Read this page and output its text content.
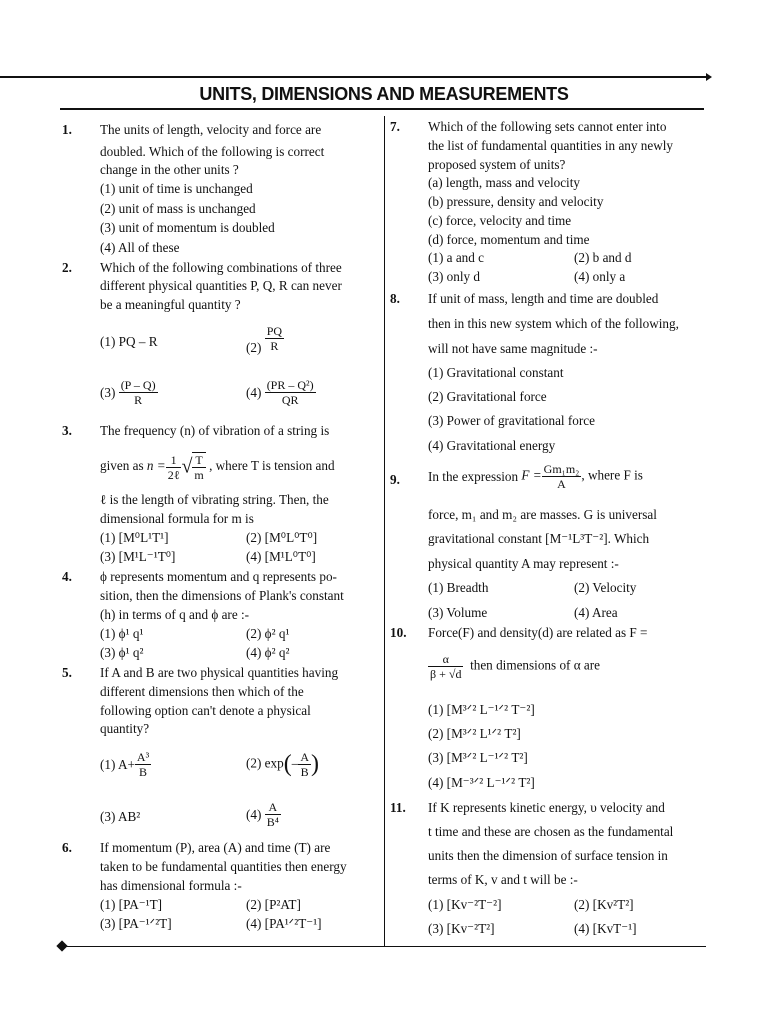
UNITS, DIMENSIONS AND MEASUREMENTS
1. The units of length, velocity and force are
doubled. Which of the following is correct
change in the other units ?
(1) unit of time is unchanged
(2) unit of mass is unchanged
(3) unit of momentum is doubled
(4) All of these
2. Which of the following combinations of three
different physical quantities P, Q, R can never
be a meaningful quantity ?
(1) PQ – R	$(2) \frac{PQ}{R}$
$(3) \frac{(P - Q)}{R}$	$(4) \frac{\text{(PR – Q²)}}{QR}$
3. The frequency (n) of vibration of a string is
given as $n = \frac{1}{\text{2ℓ}}$ √ $\frac{T}{m}$ , where T is tension and
ℓ is the length of vibrating string. Then, the
dimensional formula for m is
(1) [M⁰L¹T¹]	(2) [M⁰L⁰T⁰]
(3) [M¹L⁻¹T⁰]	(4) [M¹L⁰T⁰]
4. ϕ represents momentum and q represents po-
sition, then the dimensions of Plank's constant
(h) in terms of q and ϕ are :-
(1) ϕ¹ q¹	(2) ϕ² q¹
(3) ϕ¹ q²	(4) ϕ² q²
5. If A and B are two physical quantities having
different dimensions then which of the
following option can't denote a physical
quantity?
(1) $A+ \frac{\text{A³}}{B}$	(2) $\exp(- \frac{A}{B}$ )
(3) AB²	$(4) \frac{A}{\text{B⁴}}$
6. If momentum (P), area (A) and time (T) are
taken to be fundamental quantities then energy
has dimensional formula :-
(1) [PA⁻¹T]	(2) [P²AT]
(3) [PA⁻¹ᐟ²T]	(4) [PA¹ᐟ²T⁻¹]
7. Which of the following sets cannot enter into
the list of fundamental quantities in any newly
proposed system of units?
(a) length, mass and velocity
(b) pressure, density and velocity
(c) force, velocity and time
(d) force, momentum and time
(1) a and c	(2) b and d
(3) only d	(4) only a
8. If unit of mass, length and time are doubled
then in this new system which of the following,
will not have same magnitude :-
(1) Gravitational constant
(2) Gravitational force
(3) Power of gravitational force
(4) Gravitational energy
9. In the expression $F = \frac{\text{Gm₁m₂}}{A}$ , where F is
force, m₁ and m₂ are masses. G is universal
gravitational constant [M⁻¹L³T⁻²]. Which
physical quantity A may represent :-
(1) Breadth	(2) Velocity
(3) Volume	(4) Area
10. Force(F) and density(d) are related as F =
$\frac{\alpha}{\beta + √d}$ then dimensions of α are
(1) [M³ᐟ² L⁻¹ᐟ² T⁻²]
(2) [M³ᐟ² L¹ᐟ² T²]
(3) [M³ᐟ² L⁻¹ᐟ² T²]
(4) [M⁻³ᐟ² L⁻¹ᐟ² T²]
11. If K represents kinetic energy, υ velocity and
t time and these are chosen as the fundamental
units then the dimension of surface tension in
terms of K, v and t will be :-
(1) [Kv⁻²T⁻²]	(2) [Kv²T²]
(3) [Kv⁻²T²]	(4) [KvT⁻¹]
